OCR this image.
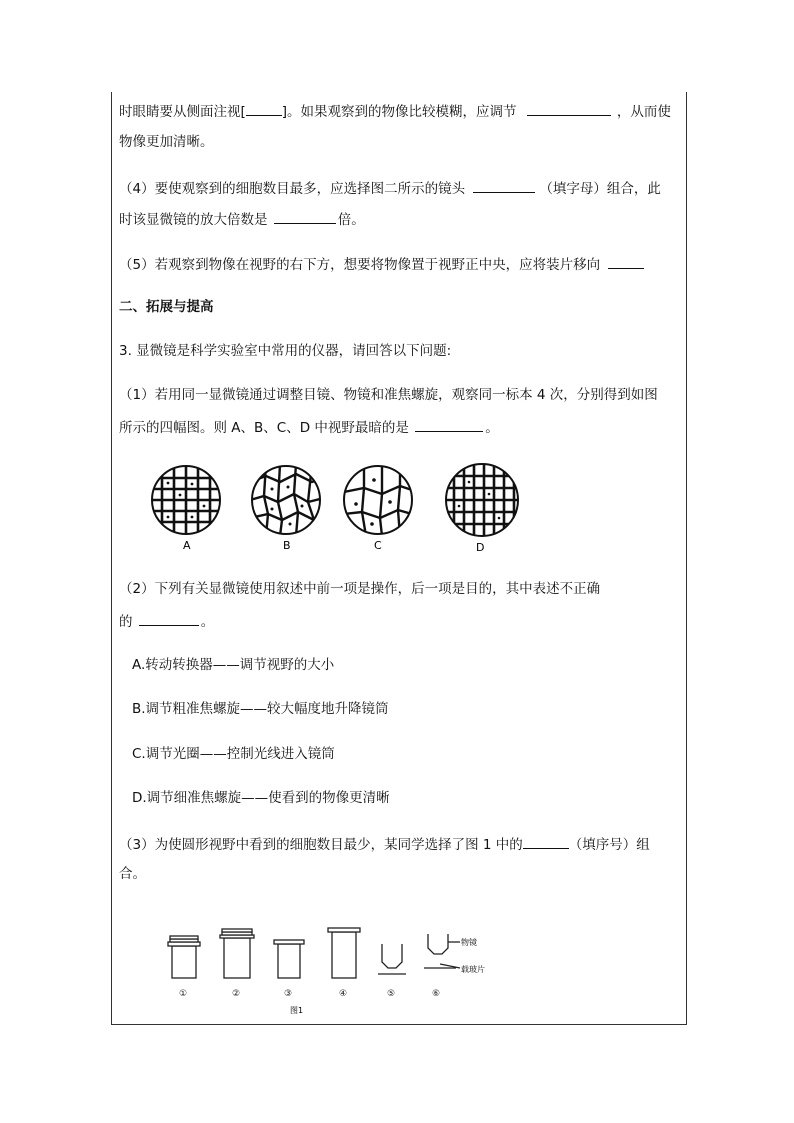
时眼睛要从侧面注视[	]。如果观察到的物像比较模糊，应调节	，从而使
物像更加清晰。
（4）要使观察到的细胞数目最多，应选择图二所示的镜头	（填字母）组合，此
时该显微镜的放大倍数是	倍。
（5）若观察到物像在视野的右下方，想要将物像置于视野正中央，应将装片移向
二、拓展与提高
3. 显微镜是科学实验室中常用的仪器，请回答以下问题:
（1）若用同一显微镜通过调整目镜、物镜和准焦螺旋，观察同一标本 4 次，分别得到如图
所示的四幅图。则 A、B、C、D 中视野最暗的是	。
A	B	C	D
（2）下列有关显微镜使用叙述中前一项是操作，后一项是目的，其中表述不正确
的	。
A.转动转换器——调节视野的大小
B.调节粗准焦螺旋——较大幅度地升降镜筒
C.调节光圈——控制光线进入镜筒
D.调节细准焦螺旋——使看到的物像更清晰
（3）为使圆形视野中看到的细胞数目最少，某同学选择了图 1 中的	（填序号）组
合。
物镜
载玻片
①	②	③	④	⑤	⑥
图1
